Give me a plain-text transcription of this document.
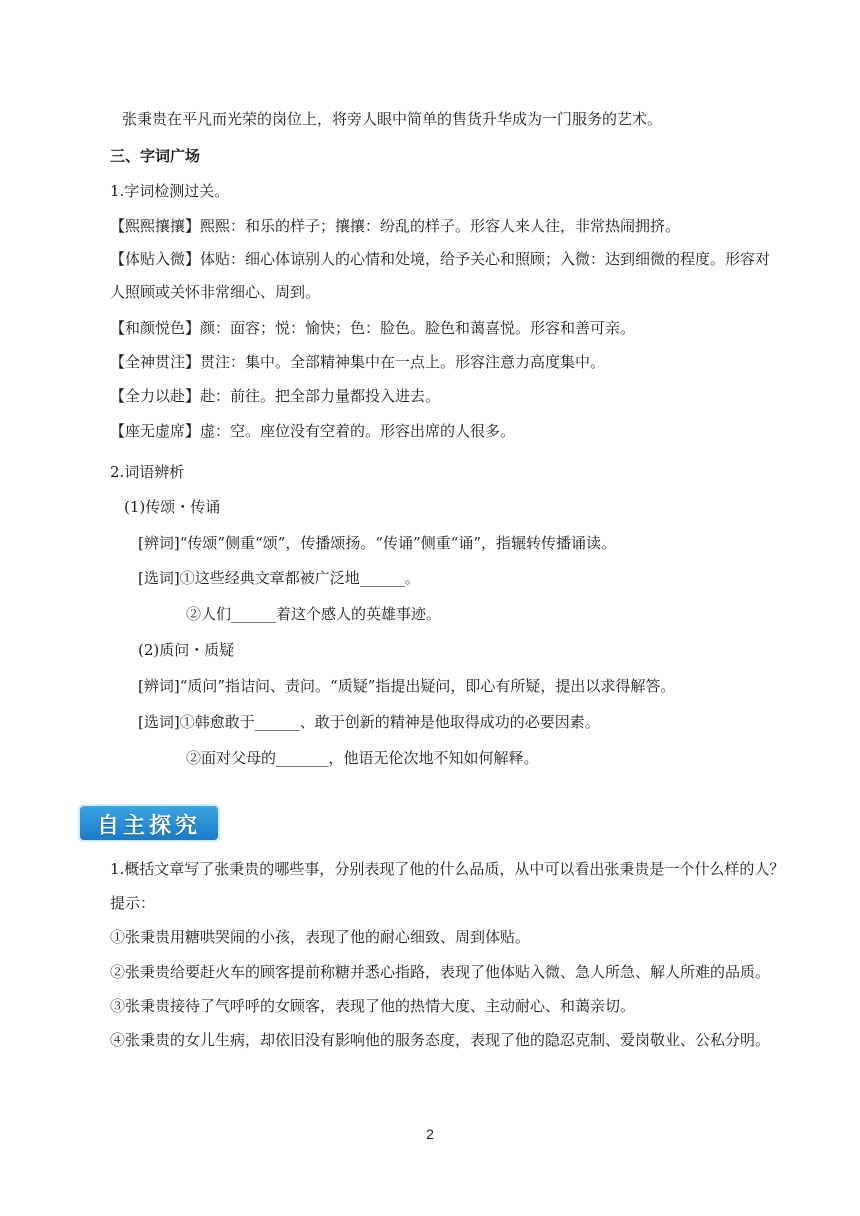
张秉贵在平凡而光荣的岗位上，将旁人眼中简单的售货升华成为一门服务的艺术。
三、字词广场
1.字词检测过关。
【熙熙攘攘】熙熙：和乐的样子；攘攘：纷乱的样子。形容人来人往，非常热闹拥挤。
【体贴入微】体贴：细心体谅别人的心情和处境，给予关心和照顾；入微：达到细微的程度。形容对
人照顾或关怀非常细心、周到。
【和颜悦色】颜：面容；悦：愉快；色：脸色。脸色和蔼喜悦。形容和善可亲。
【全神贯注】贯注：集中。全部精神集中在一点上。形容注意力高度集中。
【全力以赴】赴：前往。把全部力量都投入进去。
【座无虚席】虚：空。座位没有空着的。形容出席的人很多。
2.词语辨析
(1)传颂・传诵
[辨词]“传颂”侧重“颂”，传播颂扬。“传诵”侧重“诵”，指辗转传播诵读。
[选词]①这些经典文章都被广泛地______。
②人们______着这个感人的英雄事迹。
(2)质问・质疑
[辨词]“质问”指诘问、责问。“质疑”指提出疑问，即心有所疑，提出以求得解答。
[选词]①韩愈敢于______、敢于创新的精神是他取得成功的必要因素。
②面对父母的_______，他语无伦次地不知如何解释。
自主探究
1.概括文章写了张秉贵的哪些事，分别表现了他的什么品质，从中可以看出张秉贵是一个什么样的人？
提示：
①张秉贵用糖哄哭闹的小孩，表现了他的耐心细致、周到体贴。
②张秉贵给要赶火车的顾客提前称糖并悉心指路，表现了他体贴入微、急人所急、解人所难的品质。
③张秉贵接待了气呼呼的女顾客，表现了他的热情大度、主动耐心、和蔼亲切。
④张秉贵的女儿生病，却依旧没有影响他的服务态度，表现了他的隐忍克制、爱岗敬业、公私分明。
2
